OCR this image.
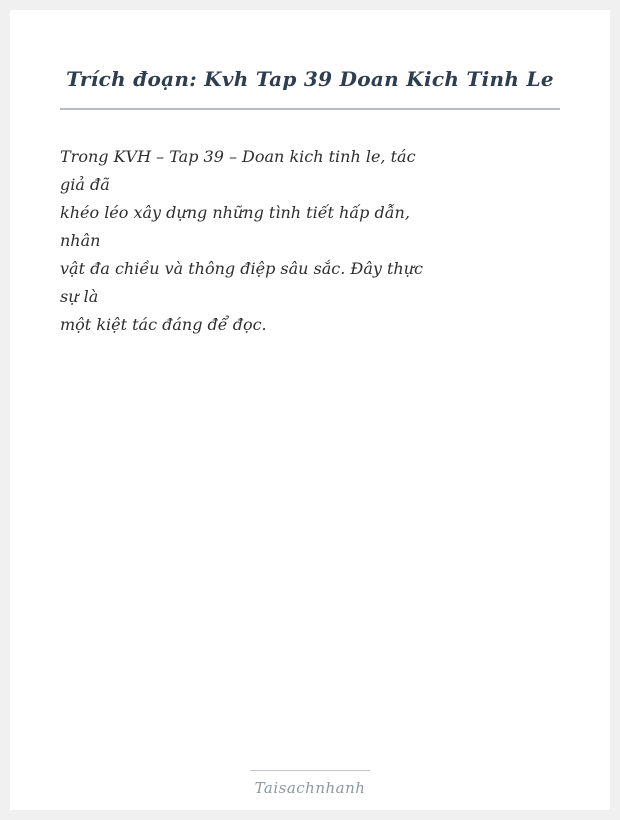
Trích đoạn: Kvh Tap 39 Doan Kich Tinh Le
Trong KVH – Tap 39 – Doan kich tinh le, tác
giả đã
khéo léo xây dựng những tình tiết hấp dẫn,
nhân
vật đa chiều và thông điệp sâu sắc. Đây thực
sự là
một kiệt tác đáng để đọc.
Taisachnhanh
